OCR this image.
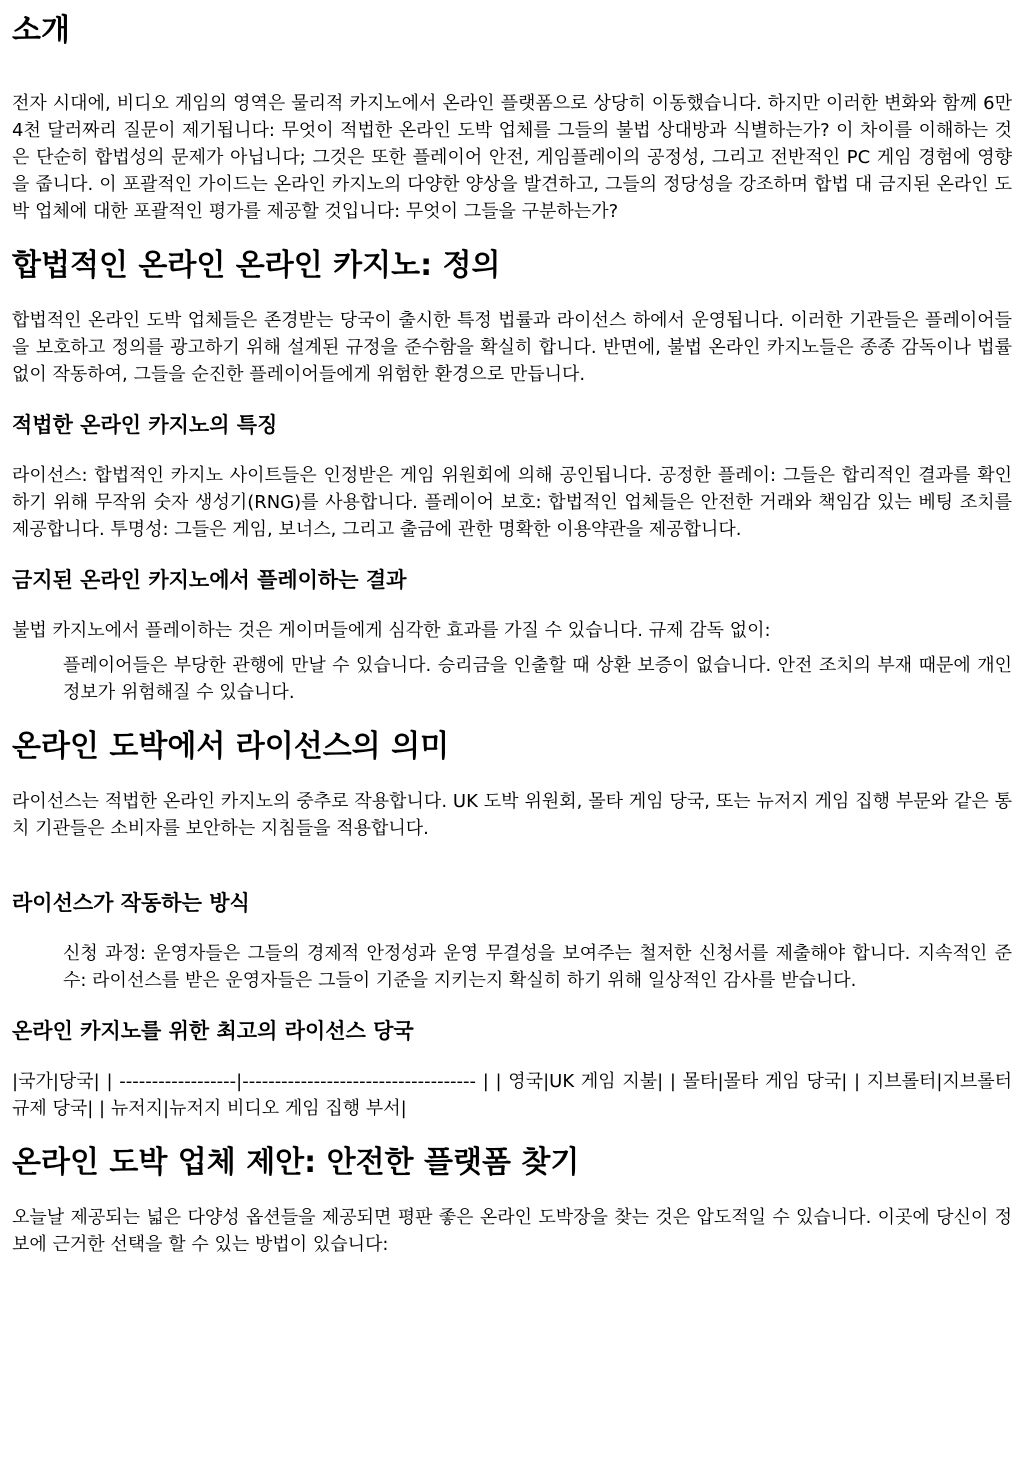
소개

전자 시대에, 비디오 게임의 영역은 물리적 카지노에서 온라인 플랫폼으로 상당히 이동했습니다. 하지만 이러한 변화와 함께 6만 4천 달러짜리 질문이 제기됩니다: 무엇이 적법한 온라인 도박 업체를 그들의 불법 상대방과 식별하는가? 이 차이를 이해하는 것은 단순히 합법성의 문제가 아닙니다; 그것은 또한 플레이어 안전, 게임플레이의 공정성, 그리고 전반적인 PC 게임 경험에 영향을 줍니다. 이 포괄적인 가이드는 온라인 카지노의 다양한 양상을 발견하고, 그들의 정당성을 강조하며 합법 대 금지된 온라인 도박 업체에 대한 포괄적인 평가를 제공할 것입니다: 무엇이 그들을 구분하는가?

합법적인 온라인 온라인 카지노: 정의

합법적인 온라인 도박 업체들은 존경받는 당국이 출시한 특정 법률과 라이선스 하에서 운영됩니다. 이러한 기관들은 플레이어들을 보호하고 정의를 광고하기 위해 설계된 규정을 준수함을 확실히 합니다. 반면에, 불법 온라인 카지노들은 종종 감독이나 법률 없이 작동하여, 그들을 순진한 플레이어들에게 위험한 환경으로 만듭니다.

적법한 온라인 카지노의 특징

라이선스: 합법적인 카지노 사이트들은 인정받은 게임 위원회에 의해 공인됩니다. 공정한 플레이: 그들은 합리적인 결과를 확인하기 위해 무작위 숫자 생성기(RNG)를 사용합니다. 플레이어 보호: 합법적인 업체들은 안전한 거래와 책임감 있는 베팅 조치를 제공합니다. 투명성: 그들은 게임, 보너스, 그리고 출금에 관한 명확한 이용약관을 제공합니다.

금지된 온라인 카지노에서 플레이하는 결과

불법 카지노에서 플레이하는 것은 게이머들에게 심각한 효과를 가질 수 있습니다. 규제 감독 없이:

플레이어들은 부당한 관행에 만날 수 있습니다. 승리금을 인출할 때 상환 보증이 없습니다. 안전 조치의 부재 때문에 개인 정보가 위험해질 수 있습니다.

온라인 도박에서 라이선스의 의미

라이선스는 적법한 온라인 카지노의 중추로 작용합니다. UK 도박 위원회, 몰타 게임 당국, 또는 뉴저지 게임 집행 부문와 같은 통치 기관들은 소비자를 보안하는 지침들을 적용합니다.

라이선스가 작동하는 방식

신청 과정: 운영자들은 그들의 경제적 안정성과 운영 무결성을 보여주는 철저한 신청서를 제출해야 합니다. 지속적인 준수: 라이선스를 받은 운영자들은 그들이 기준을 지키는지 확실히 하기 위해 일상적인 감사를 받습니다.

온라인 카지노를 위한 최고의 라이선스 당국

|국가|당국| | ------------------|------------------------------------ | | 영국|UK 게임 지불| | 몰타|몰타 게임 당국| | 지브롤터|지브롤터 규제 당국| | 뉴저지|뉴저지 비디오 게임 집행 부서|

온라인 도박 업체 제안: 안전한 플랫폼 찾기

오늘날 제공되는 넓은 다양성 옵션들을 제공되면 평판 좋은 온라인 도박장을 찾는 것은 압도적일 수 있습니다. 이곳에 당신이 정보에 근거한 선택을 할 수 있는 방법이 있습니다:
